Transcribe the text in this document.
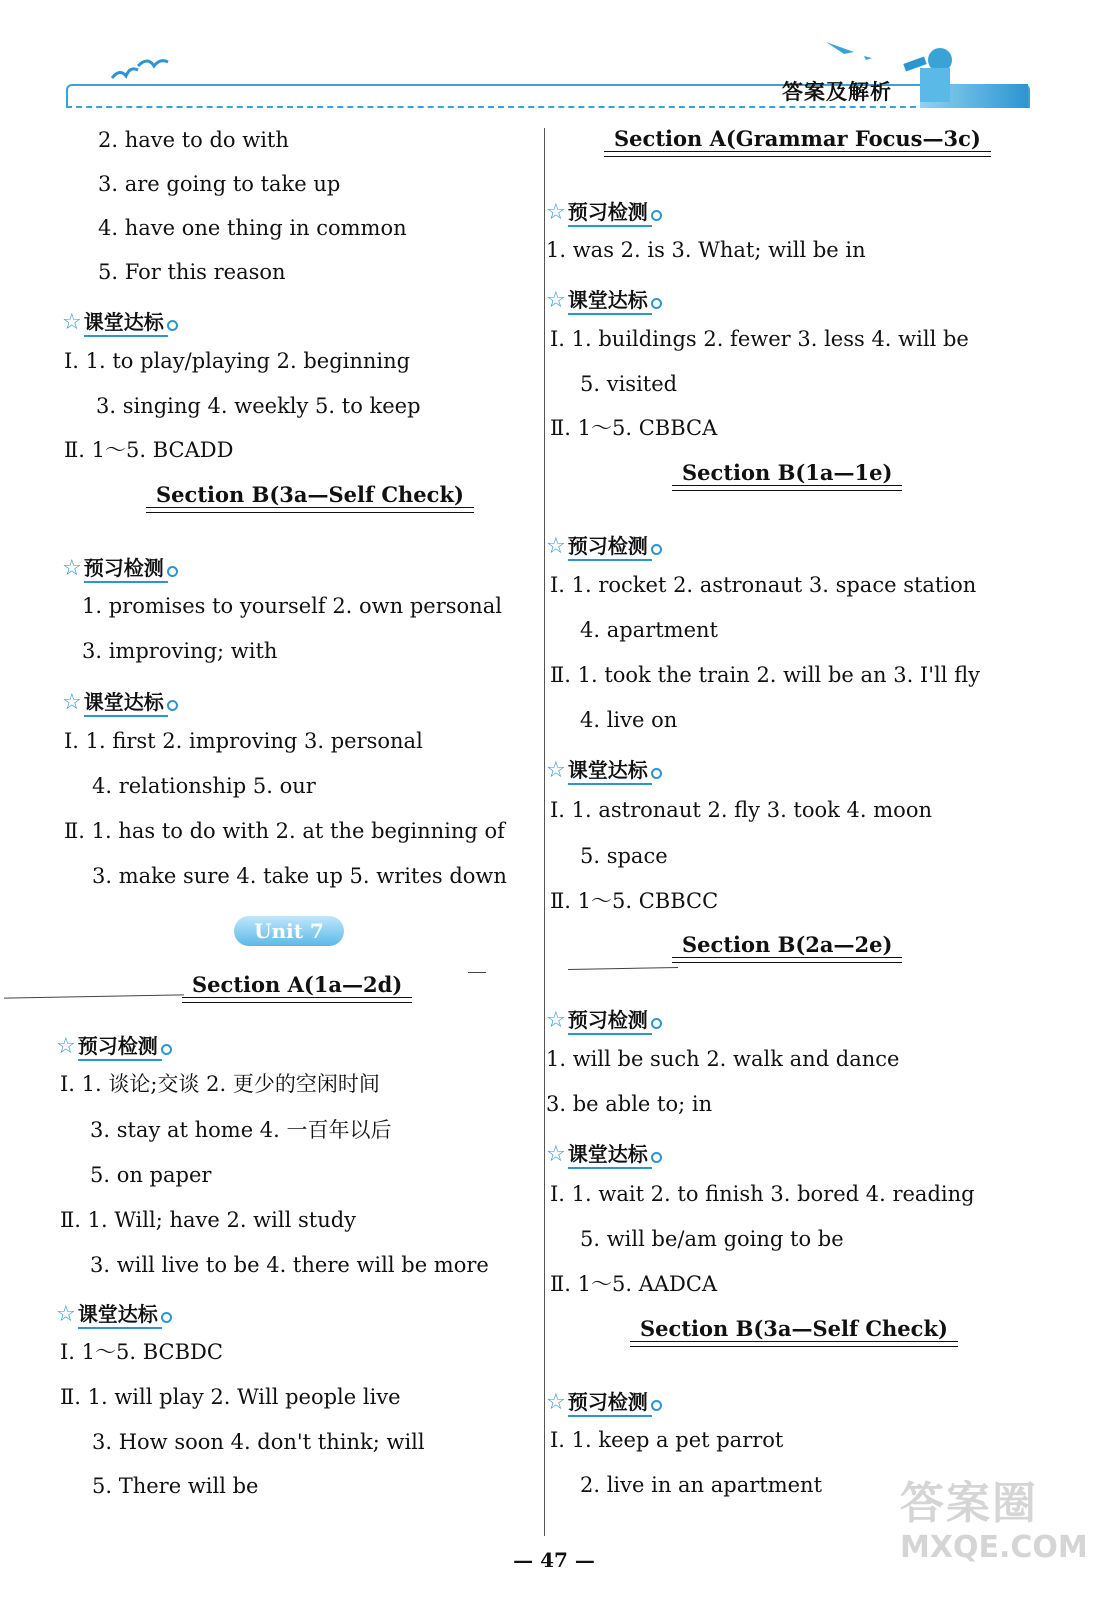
答案及解析
2. have to do with
3. are going to take up
4. have one thing in common
5. For this reason
☆ 课堂达标
Ⅰ. 1. to play/playing 2. beginning
3. singing 4. weekly 5. to keep
Ⅱ. 1～5. BCADD
Section B(3a—Self Check)
☆ 预习检测
1. promises to yourself 2. own personal
3. improving; with
☆ 课堂达标
Ⅰ. 1. first 2. improving 3. personal
4. relationship 5. our
Ⅱ. 1. has to do with 2. at the beginning of
3. make sure 4. take up 5. writes down
Section A(1a—2d)
☆ 预习检测
Ⅰ. 1. 谈论;交谈 2. 更少的空闲时间
3. stay at home 4. 一百年以后
5. on paper
Ⅱ. 1. Will; have 2. will study
3. will live to be 4. there will be more
☆ 课堂达标
Ⅰ. 1～5. BCBDC
Ⅱ. 1. will play 2. Will people live
3. How soon 4. don't think; will
5. There will be
Unit 7
Section A(Grammar Focus—3c)
☆ 预习检测
1. was 2. is 3. What; will be in
☆ 课堂达标
Ⅰ. 1. buildings 2. fewer 3. less 4. will be
5. visited
Ⅱ. 1～5. CBBCA
Section B(1a—1e)
☆ 预习检测
Ⅰ. 1. rocket 2. astronaut 3. space station
4. apartment
Ⅱ. 1. took the train 2. will be an 3. I'll fly
4. live on
☆ 课堂达标
Ⅰ. 1. astronaut 2. fly 3. took 4. moon
5. space
Ⅱ. 1～5. CBBCC
Section B(2a—2e)
☆ 预习检测
1. will be such 2. walk and dance
3. be able to; in
☆ 课堂达标
Ⅰ. 1. wait 2. to finish 3. bored 4. reading
5. will be/am going to be
Ⅱ. 1～5. AADCA
Section B(3a—Self Check)
☆ 预习检测
Ⅰ. 1. keep a pet parrot
2. live in an apartment
— 47 —
答案圈
MXQE.COM
